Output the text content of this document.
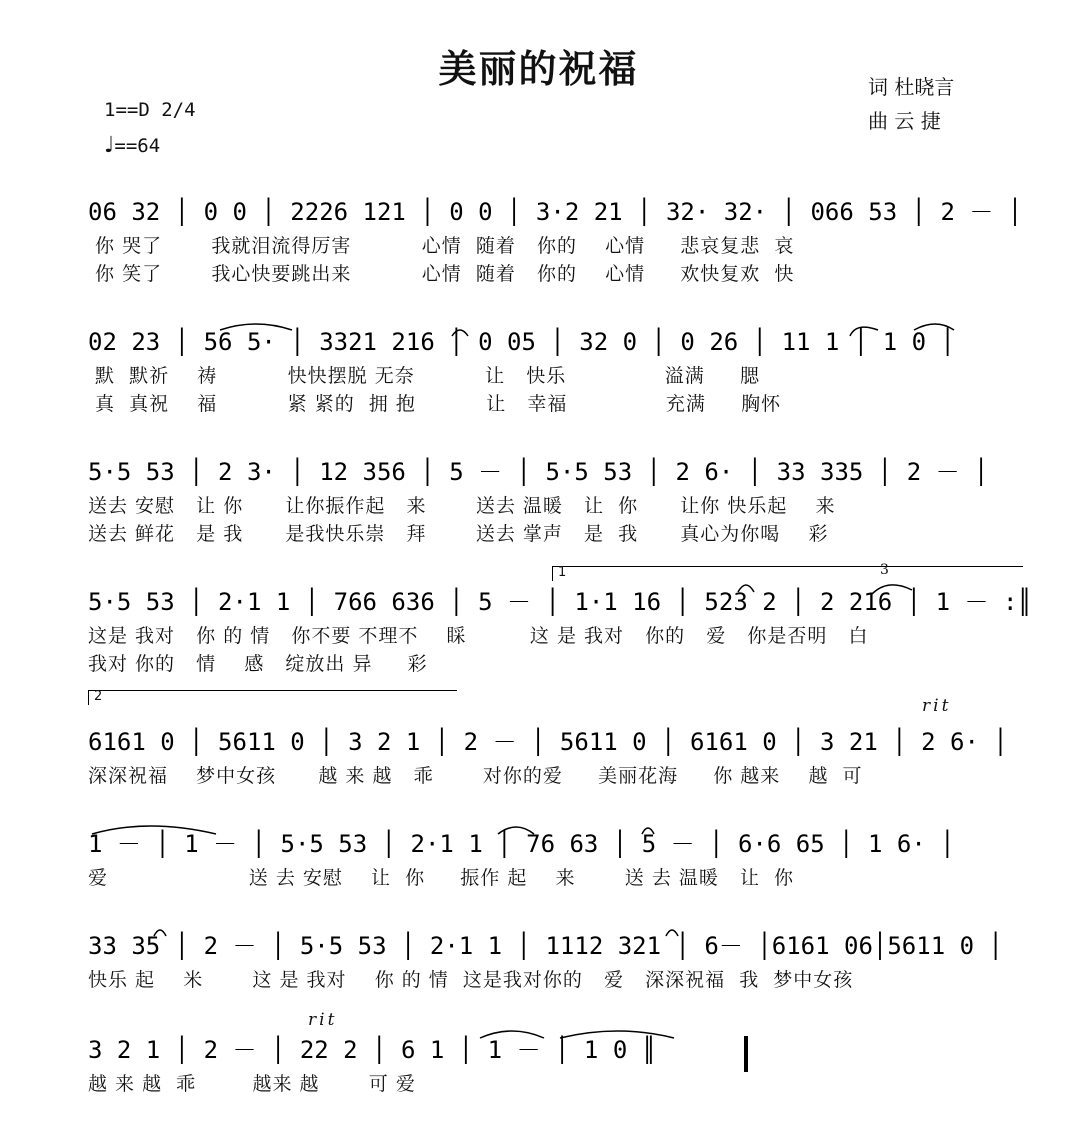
美丽的祝福	词 杜晓言
曲 云 捷
1==D 2/4
♩==64
06 32 │ 0 0 │ 2226 121 │ 0 0 │ 3·2 21 │ 32· 32· │ 066 53 │ 2 － │
你 哭了       我就泪流得厉害          心情  随着   你的    心情     悲哀复悲  哀
你 笑了       我心快要跳出来          心情  随着   你的    心情     欢快复欢  快
02 23 │ 56 5· │ 3321 216 │ 0 05 │ 32 0 │ 0 26 │ 11 1 │ 1 0 │
默  默祈    祷          快快摆脱 无奈          让   快乐              溢满     腮
真  真祝    福          紧 紧的  拥 抱          让   幸福              充满     胸怀
5·5 53 │ 2 3· │ 12 356 │ 5 － │ 5·5 53 │ 2 6· │ 33 335 │ 2 － │
送去 安慰   让 你      让你振作起   来       送去 温暖   让  你      让你 快乐起    来
送去 鲜花   是 我      是我快乐崇   拜       送去 掌声   是  我      真心为你喝    彩
1
5·5 53 │ 2·1 1 │ 766 636 │ 5 － │ 1·1 16 │ 523 2 │ 2 216 │ 1 － :║
这是 我对   你 的 情   你不要 不理不    睬         这 是 我对   你的   爱   你是否明   白
我对 你的   情    感   绽放出 异     彩
3
2	rit
6161 0 │ 5611 0 │ 3 2 1 │ 2 － │ 5611 0 │ 6161 0 │ 3 21 │ 2 6· │
深深祝福    梦中女孩      越 来 越   乖       对你的爱     美丽花海     你 越来    越  可
1 － │ 1 － │ 5·5 53 │ 2·1 1 │ 76 63 │ 5 － │ 6·6 65 │ 1 6· │
爱                    送 去 安慰    让  你     振作 起    来       送 去 温暖   让  你
33 35 │ 2 － │ 5·5 53 │ 2·1 1 │ 1112 321 │ 6－ │6161 06│5611 0 │
快乐 起    米       这 是 我对    你 的 情  这是我对你的   爱   深深祝福  我  梦中女孩
rit
3 2 1 │ 2 － │ 22 2 │ 6 1 │ 1 － │ 1 0 ║
越 来 越  乖        越来 越       可 爱
